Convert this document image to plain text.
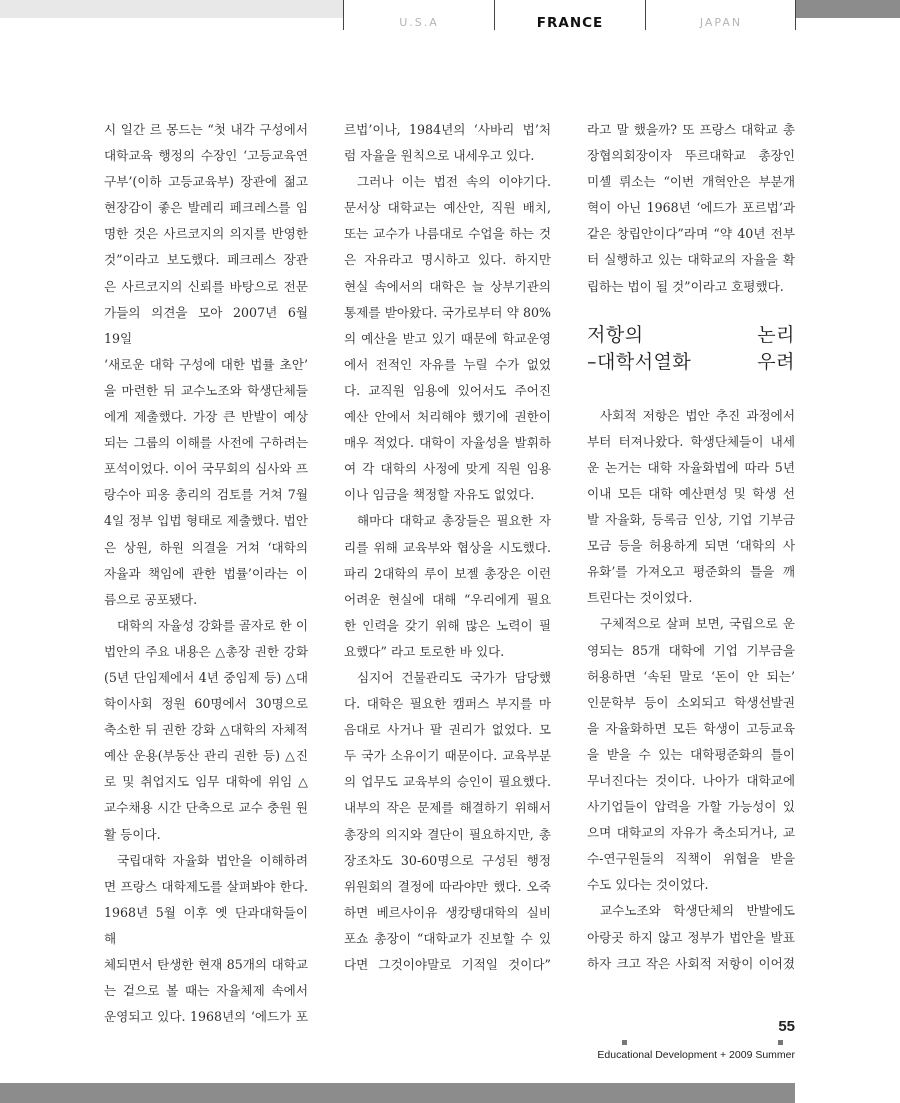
U.S.A	FRANCE	JAPAN

시 일간 르 몽드는 “첫 내각 구성에서

대학교육 행정의 수장인 ‘고등교육연

구부’(이하 고등교육부) 장관에 젊고

현장감이 좋은 발레리 페크레스를 임

명한 것은 사르코지의 의지를 반영한

것”이라고 보도했다. 페크레스 장관

은 사르코지의 신뢰를 바탕으로 전문

가들의 의견을 모아 2007년 6월 19일

‘새로운 대학 구성에 대한 법률 초안’

을 마련한 뒤 교수노조와 학생단체들

에게 제출했다. 가장 큰 반발이 예상

되는 그룹의 이해를 사전에 구하려는

포석이었다. 이어 국무회의 심사와 프

랑수아 피옹 총리의 검토를 거쳐 7월

4일 정부 입법 형태로 제출했다. 법안

은 상원, 하원 의결을 거쳐 ‘대학의

자율과 책임에 관한 법률’이라는 이

름으로 공포됐다.

대학의 자율성 강화를 골자로 한 이

법안의 주요 내용은 △총장 권한 강화

(5년 단임제에서 4년 중임제 등) △대

학이사회 정원 60명에서 30명으로

축소한 뒤 권한 강화 △대학의 자체적

예산 운용(부동산 관리 권한 등) △진

로 및 취업지도 임무 대학에 위임 △

교수채용 시간 단축으로 교수 충원 원

활 등이다.

국립대학 자율화 법안을 이해하려

면 프랑스 대학제도를 살펴봐야 한다.

1968년 5월 이후 옛 단과대학들이 해

체되면서 탄생한 현재 85개의 대학교

는 겉으로 볼 때는 자율체제 속에서

운영되고 있다. 1968년의 ‘에드가 포

르법’이나, 1984년의 ‘사바리 법’처

럼 자율을 원칙으로 내세우고 있다.

그러나 이는 법전 속의 이야기다.

문서상 대학교는 예산안, 직원 배치,

또는 교수가 나름대로 수업을 하는 것

은 자유라고 명시하고 있다. 하지만

현실 속에서의 대학은 늘 상부기관의

통제를 받아왔다. 국가로부터 약 80%

의 예산을 받고 있기 때문에 학교운영

에서 전적인 자유를 누릴 수가 없었

다. 교직원 임용에 있어서도 주어진

예산 안에서 처리해야 했기에 권한이

매우 적었다. 대학이 자율성을 발휘하

여 각 대학의 사정에 맞게 직원 임용

이나 임금을 책정할 자유도 없었다.

해마다 대학교 총장들은 필요한 자

리를 위해 교육부와 협상을 시도했다.

파리 2대학의 루이 보젤 총장은 이런

어려운 현실에 대해 “우리에게 필요

한 인력을 갖기 위해 많은 노력이 필

요했다” 라고 토로한 바 있다.

심지어 건물관리도 국가가 담당했

다. 대학은 필요한 캠퍼스 부지를 마

음대로 사거나 팔 권리가 없었다. 모

두 국가 소유이기 때문이다. 교육부분

의 업무도 교육부의 승인이 필요했다.

내부의 작은 문제를 해결하기 위해서

총장의 의지와 결단이 필요하지만, 총

장조차도 30-60명으로 구성된 행정

위원회의 결정에 따라야만 했다. 오죽

하면 베르사이유 생캉탱대학의 실비

포쇼 총장이 “대학교가 진보할 수 있

다면 그것이야말로 기적일 것이다”

라고 말 했을까? 또 프랑스 대학교 총

장협의회장이자 뚜르대학교 총장인

미셸 뤼소는 “이번 개혁안은 부분개

혁이 아닌 1968년 ‘에드가 포르법’과

같은 창립안이다”라며 “약 40년 전부

터 실행하고 있는 대학교의 자율을 확

립하는 법이 될 것”이라고 호평했다.

저항의 논리

–대학서열화 우려

사회적 저항은 법안 추진 과정에서

부터 터져나왔다. 학생단체들이 내세

운 논거는 대학 자율화법에 따라 5년

이내 모든 대학 예산편성 및 학생 선

발 자율화, 등록금 인상, 기업 기부금

모금 등을 허용하게 되면 ‘대학의 사

유화’를 가져오고 평준화의 틀을 깨

트린다는 것이었다.

구체적으로 살펴 보면, 국립으로 운

영되는 85개 대학에 기업 기부금을

허용하면 ‘속된 말로 ‘돈이 안 되는’

인문학부 등이 소외되고 학생선발권

을 자율화하면 모든 학생이 고등교육

을 받을 수 있는 대학평준화의 틀이

무너진다는 것이다. 나아가 대학교에

사기업들이 압력을 가할 가능성이 있

으며 대학교의 자유가 축소되거나, 교

수-연구원들의 직책이 위협을 받을

수도 있다는 것이었다.

교수노조와 학생단체의 반발에도

아랑곳 하지 않고 정부가 법안을 발표

하자 크고 작은 사회적 저항이 이어졌

55
Educational Development + 2009 Summer
